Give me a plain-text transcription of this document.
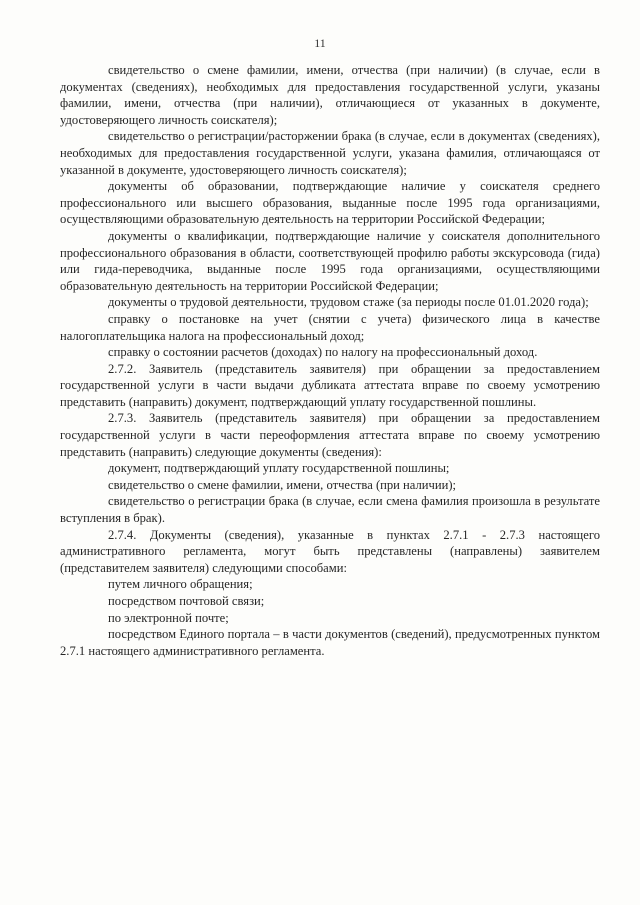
11

свидетельство о смене фамилии, имени, отчества (при наличии) (в случае, если в документах (сведениях), необходимых для предоставления государственной услуги, указаны фамилии, имени, отчества (при наличии), отличающиеся от указанных в документе, удостоверяющего личность соискателя);

свидетельство о регистрации/расторжении брака (в случае, если в документах (сведениях), необходимых для предоставления государственной услуги, указана фамилия, отличающаяся от указанной в документе, удостоверяющего личность соискателя);

документы об образовании, подтверждающие наличие у соискателя среднего профессионального или высшего образования, выданные после 1995 года организациями, осуществляющими образовательную деятельность на территории Российской Федерации;

документы о квалификации, подтверждающие наличие у соискателя дополнительного профессионального образования в области, соответствующей профилю работы экскурсовода (гида) или гида-переводчика, выданные после 1995 года организациями, осуществляющими образовательную деятельность на территории Российской Федерации;

документы о трудовой деятельности, трудовом стаже (за периоды после 01.01.2020 года);

справку о постановке на учет (снятии с учета) физического лица в качестве налогоплательщика налога на профессиональный доход;

справку о состоянии расчетов (доходах) по налогу на профессиональный доход.

2.7.2. Заявитель (представитель заявителя) при обращении за предоставлением государственной услуги в части выдачи дубликата аттестата вправе по своему усмотрению представить (направить) документ, подтверждающий уплату государственной пошлины.

2.7.3. Заявитель (представитель заявителя) при обращении за предоставлением государственной услуги в части переоформления аттестата вправе по своему усмотрению представить (направить) следующие документы (сведения):

документ, подтверждающий уплату государственной пошлины;

свидетельство о смене фамилии, имени, отчества (при наличии);

свидетельство о регистрации брака (в случае, если смена фамилия произошла в результате вступления в брак).

2.7.4. Документы (сведения), указанные в пунктах 2.7.1 - 2.7.3 настоящего административного регламента, могут быть представлены (направлены) заявителем (представителем заявителя) следующими способами:

путем личного обращения;

посредством почтовой связи;

по электронной почте;

посредством Единого портала – в части документов (сведений), предусмотренных пунктом 2.7.1 настоящего административного регламента.
